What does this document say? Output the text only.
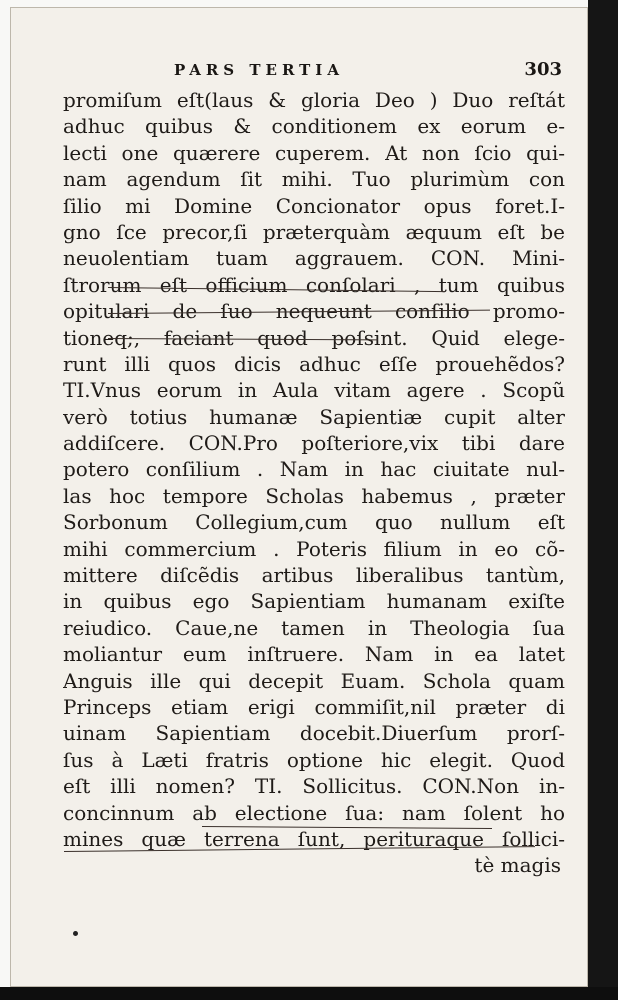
PARS TERTIA	303
promiſum eſt(laus & gloria Deo ) Duo reſtát
adhuc quibus & conditionem ex eorum e-
lecti one quærere cuperem. At non ſcio qui-
nam agendum ſit mihi. Tuo plurimùm con
ſilio mi Domine Concionator opus foret.I-
gno ſce precor,ſi præterquàm æquum eſt be
neuolentiam tuam aggrauem. CON. Mini-
ſtrorum eſt officium conſolari , tum quibus
opitulari de ſuo nequeunt conſilio promo-
tioneq;, faciant quod poſsint. Quid elege-
runt illi quos dicis adhuc eſſe prouehẽdos?
TI.Vnus eorum in Aula vitam agere . Scopũ
verò totius humanæ Sapientiæ cupit alter
addiſcere. CON.Pro poſteriore,vix tibi dare
potero conſilium . Nam in hac ciuitate nul-
las hoc tempore Scholas habemus , præter
Sorbonum Collegium,cum quo nullum eſt
mihi commercium . Poteris filium in eo cõ-
mittere diſcẽdis artibus liberalibus tantùm,
in quibus ego Sapientiam humanam exiſte
reiudico. Caue,ne tamen in Theologia ſua
moliantur eum inſtruere. Nam in ea latet
Anguis ille qui decepit Euam. Schola quam
Princeps etiam erigi commiſit,nil præter di
uinam Sapientiam docebit.Diuerſum prorſ-
ſus à Læti fratris optione hic elegit. Quod
eſt illi nomen? TI. Sollicitus. CON.Non in-
concinnum ab electione ſua: nam ſolent ho
mines quæ terrena ſunt, perituraque ſollici-
tè magis
